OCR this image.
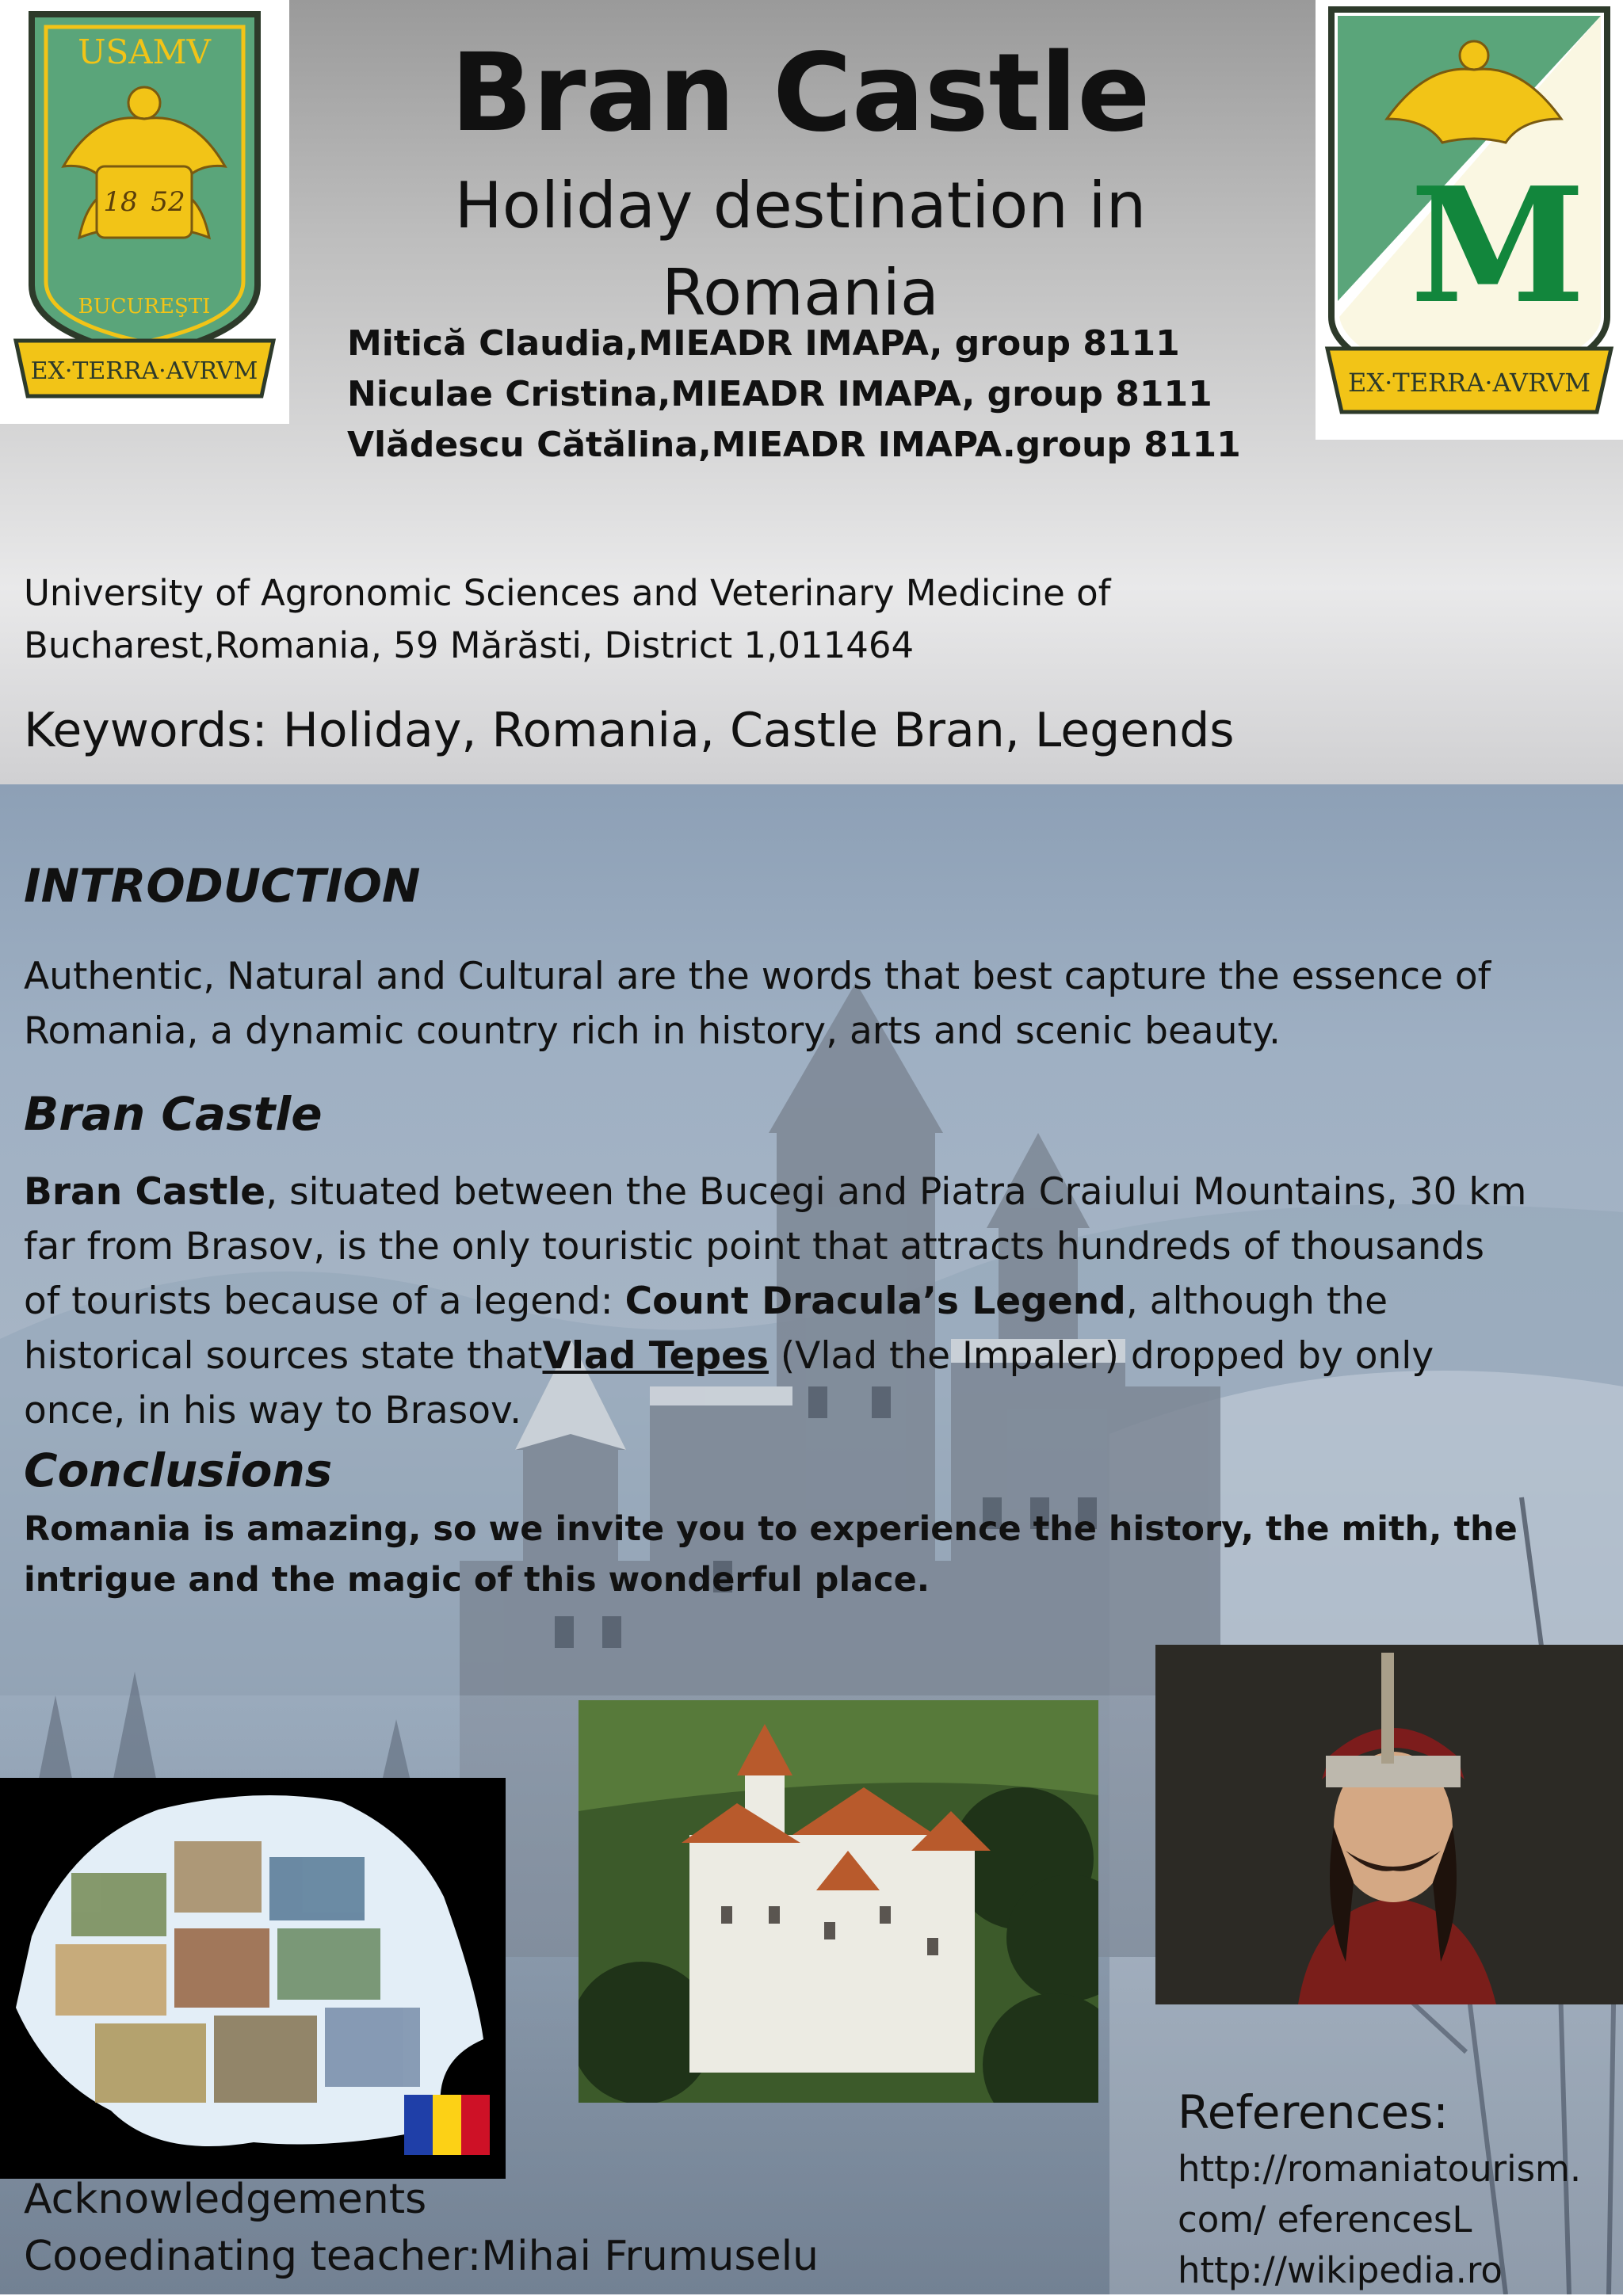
USAMV
18 52
BUCUREŞTI
EX·TERRA·AVRVM
M
EX·TERRA·AVRVM
Bran Castle
Holiday destination in Romania
Mitică Claudia,MIEADR IMAPA, group 8111
Niculae Cristina,MIEADR IMAPA, group 8111
Vlădescu Cătălina,MIEADR IMAPA.group 8111
University of Agronomic Sciences and Veterinary Medicine of
Bucharest,Romania, 59 Mărăsti, District 1,011464
Keywords: Holiday, Romania, Castle Bran, Legends
INTRODUCTION

Authentic, Natural and Cultural are the words that best capture the essence of Romania, a dynamic country rich in history, arts and scenic beauty.

Bran Castle

Bran Castle, situated between the Bucegi and Piatra Craiului Mountains, 30 km far from Brasov, is the only touristic point that attracts hundreds of thousands of tourists because of a legend: Count Dracula’s Legend, although the historical sources state thatVlad Tepes (Vlad the Impaler) dropped by only once, in his way to Brasov.

Conclusions
Romania is amazing, so we invite you to experience the history, the mith, the intrigue and the magic of this wonderful place.
References:
http://romaniatourism.
com/ eferencesL
http://wikipedia.ro
Acknowledgements
Cooedinating teacher:Mihai Frumuselu
